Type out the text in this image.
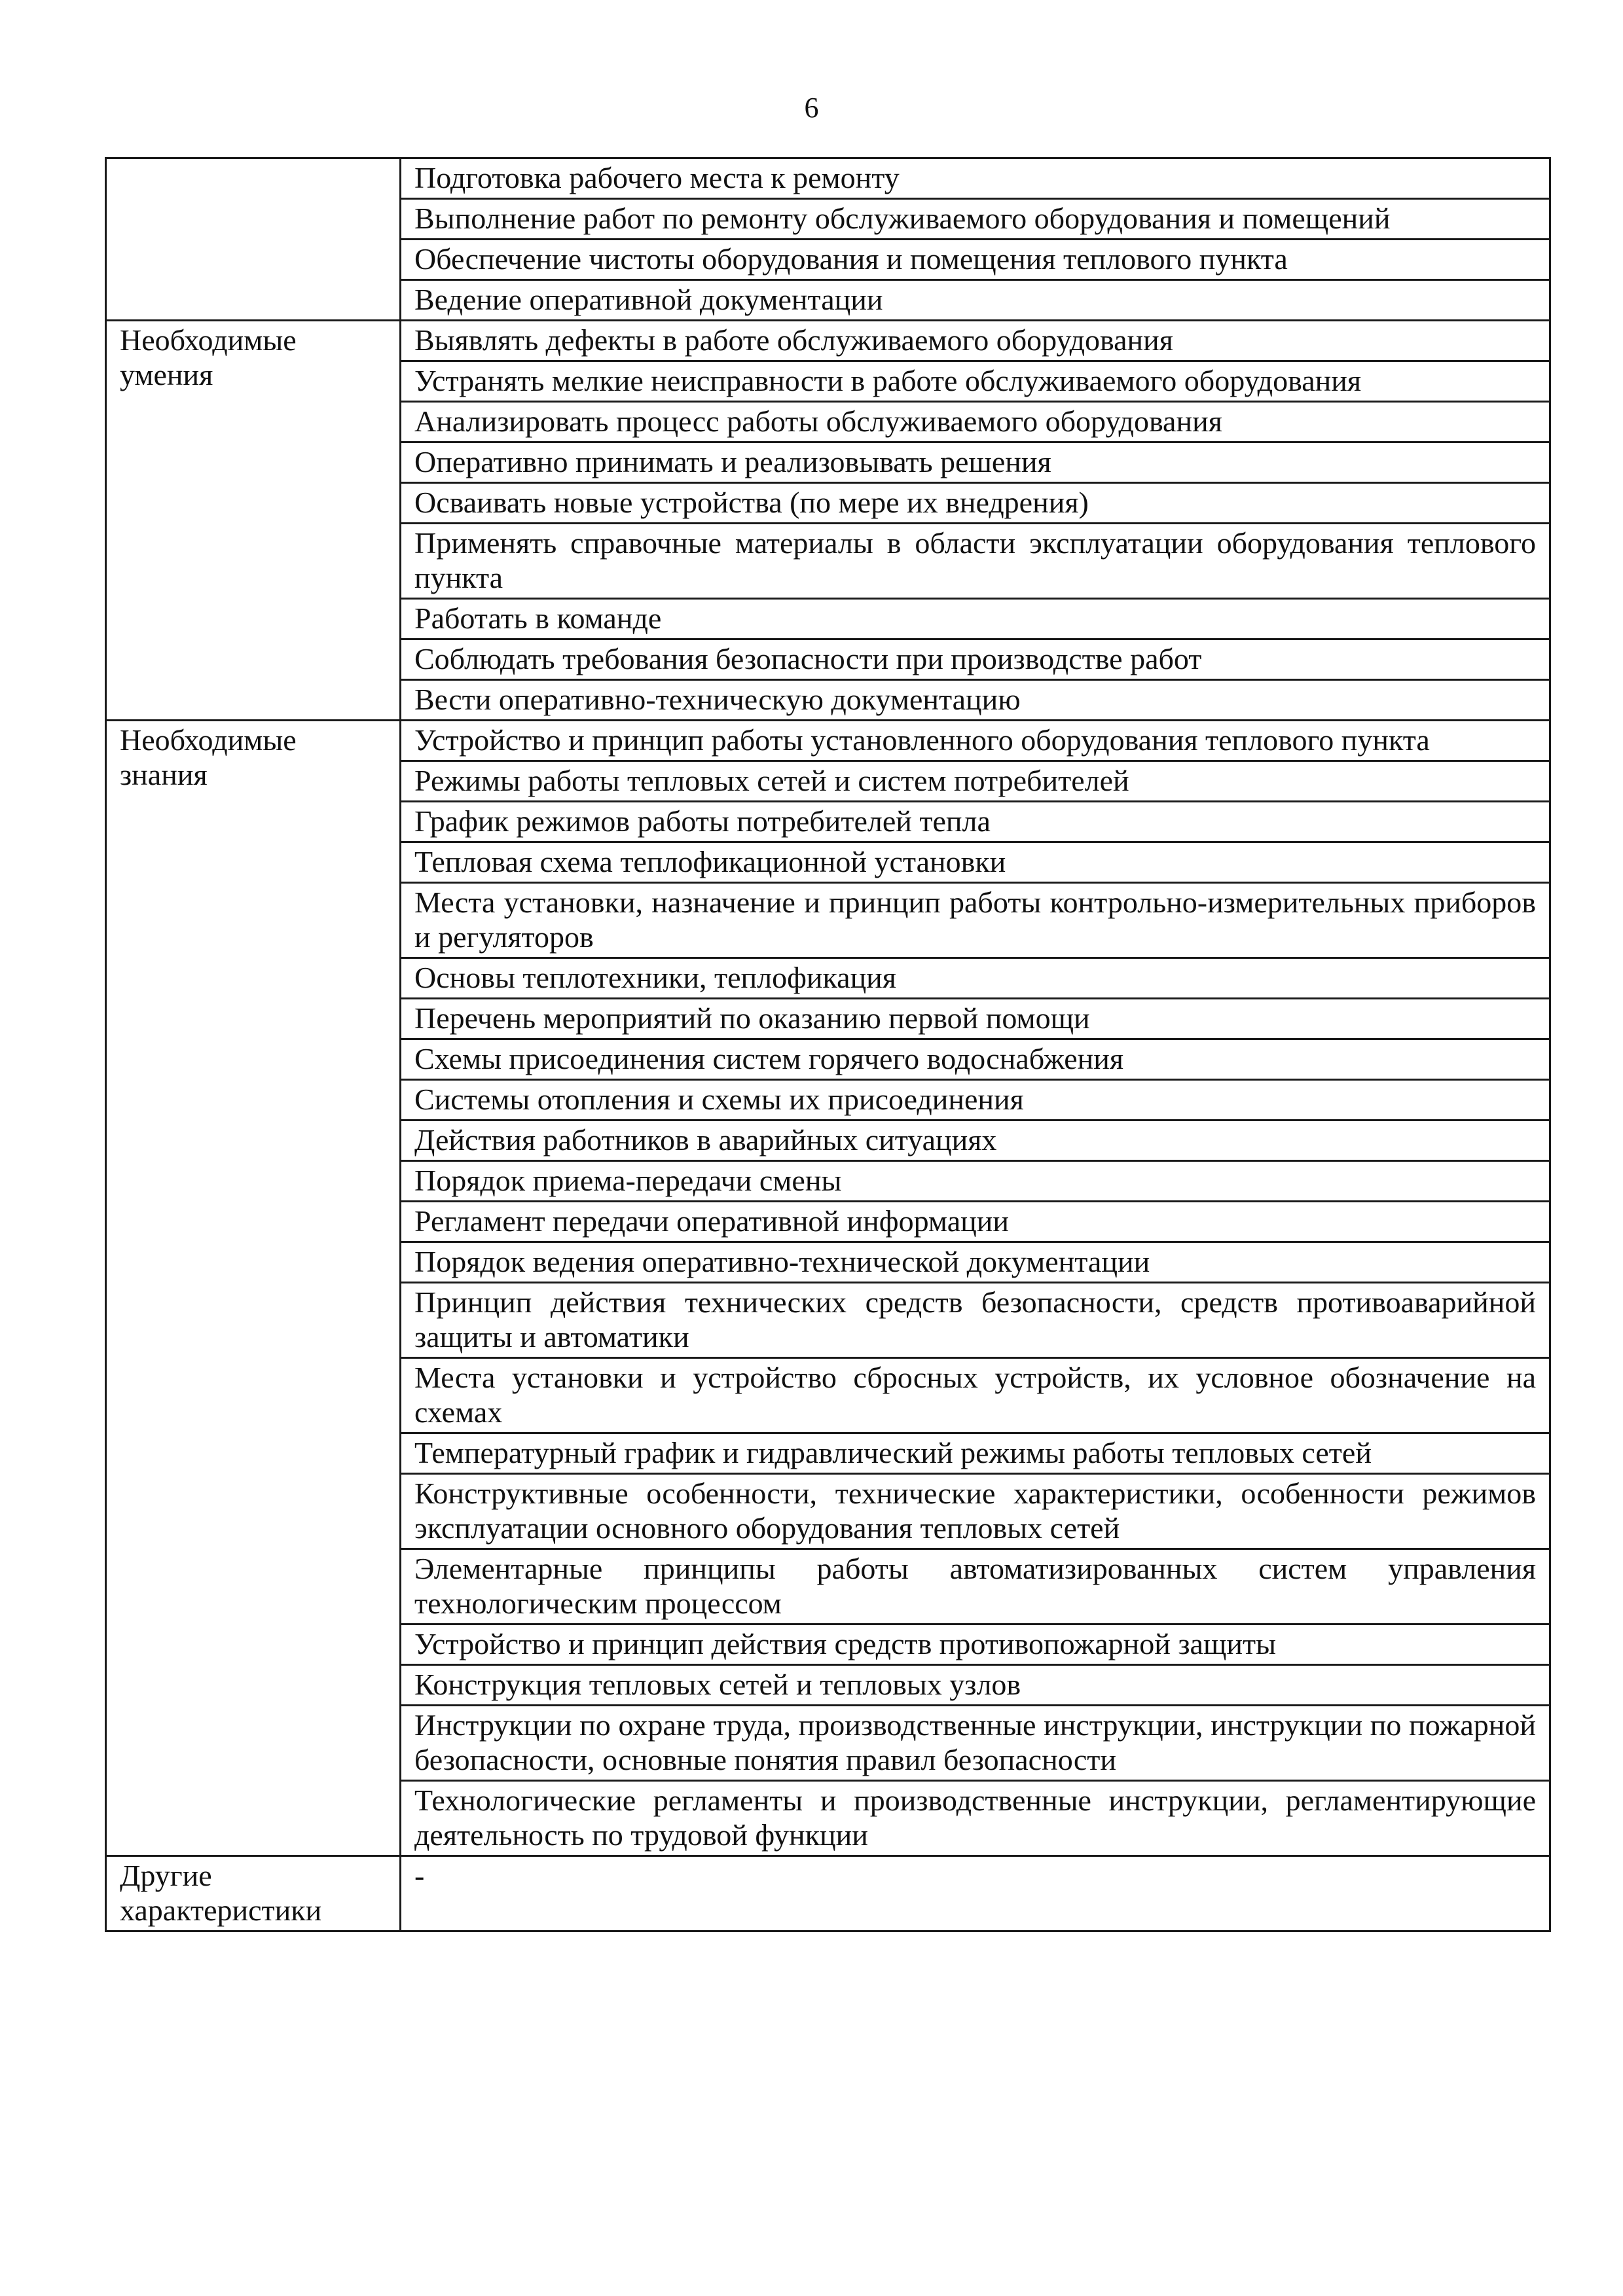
6
	Подготовка рабочего места к ремонту
	Выполнение работ по ремонту обслуживаемого оборудования и помещений
	Обеспечение чистоты оборудования и помещения теплового пункта
	Ведение оперативной документации
Необходимые умения	Выявлять дефекты в работе обслуживаемого оборудования
	Устранять мелкие неисправности в работе обслуживаемого оборудования
	Анализировать процесс работы обслуживаемого оборудования
	Оперативно принимать и реализовывать решения
	Осваивать новые устройства (по мере их внедрения)
	Применять справочные материалы в области эксплуатации оборудования теплового пункта
	Работать в команде
	Соблюдать требования безопасности при производстве работ
	Вести оперативно-техническую документацию
Необходимые знания	Устройство и принцип работы установленного оборудования теплового пункта
	Режимы работы тепловых сетей и систем потребителей
	График режимов работы потребителей тепла
	Тепловая схема теплофикационной установки
	Места установки, назначение и принцип работы контрольно-измерительных приборов и регуляторов
	Основы теплотехники, теплофикация
	Перечень мероприятий по оказанию первой помощи
	Схемы присоединения систем горячего водоснабжения
	Системы отопления и схемы их присоединения
	Действия работников в аварийных ситуациях
	Порядок приема-передачи смены
	Регламент передачи оперативной информации
	Порядок ведения оперативно-технической документации
	Принцип действия технических средств безопасности, средств противоаварийной защиты и автоматики
	Места установки и устройство сбросных устройств, их условное обозначение на схемах
	Температурный график и гидравлический режимы работы тепловых сетей
	Конструктивные особенности, технические характеристики, особенности режимов эксплуатации основного оборудования тепловых сетей
	Элементарные принципы работы автоматизированных систем управления технологическим процессом
	Устройство и принцип действия средств противопожарной защиты
	Конструкция тепловых сетей и тепловых узлов
	Инструкции по охране труда, производственные инструкции, инструкции по пожарной безопасности, основные понятия правил безопасности
	Технологические регламенты и производственные инструкции, регламентирующие деятельность по трудовой функции
Другие характеристики	-
